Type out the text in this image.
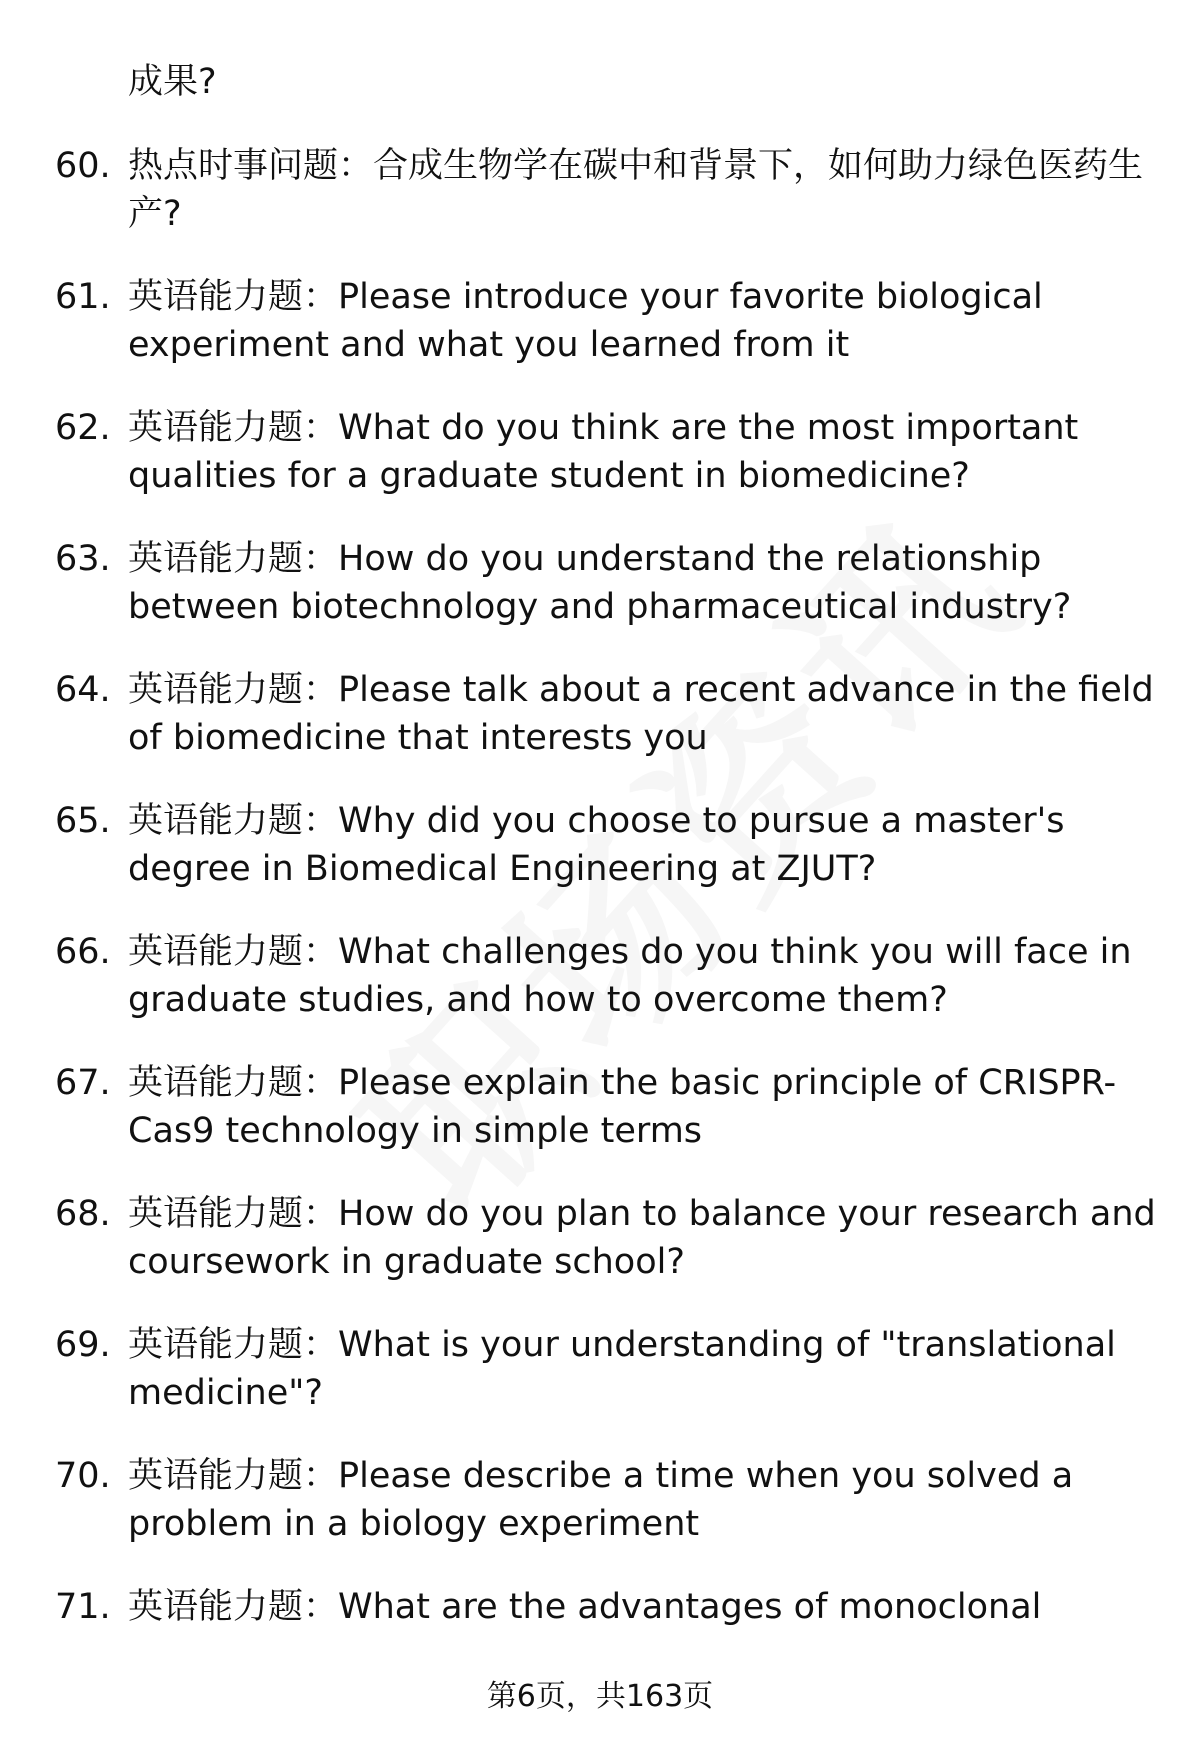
成果?
60. 热点时事问题：合成生物学在碳中和背景下，如何助力绿色医药生产?
61. 英语能力题：Please introduce your favorite biological experiment and what you learned from it
62. 英语能力题：What do you think are the most important qualities for a graduate student in biomedicine?
63. 英语能力题：How do you understand the relationship between biotechnology and pharmaceutical industry?
64. 英语能力题：Please talk about a recent advance in the field of biomedicine that interests you
65. 英语能力题：Why did you choose to pursue a master's degree in Biomedical Engineering at ZJUT?
66. 英语能力题：What challenges do you think you will face in graduate studies, and how to overcome them?
67. 英语能力题：Please explain the basic principle of CRISPR-Cas9 technology in simple terms
68. 英语能力题：How do you plan to balance your research and coursework in graduate school?
69. 英语能力题：What is your understanding of "translational medicine"?
70. 英语能力题：Please describe a time when you solved a problem in a biology experiment
71. 英语能力题：What are the advantages of monoclonal
第6页，共163页
